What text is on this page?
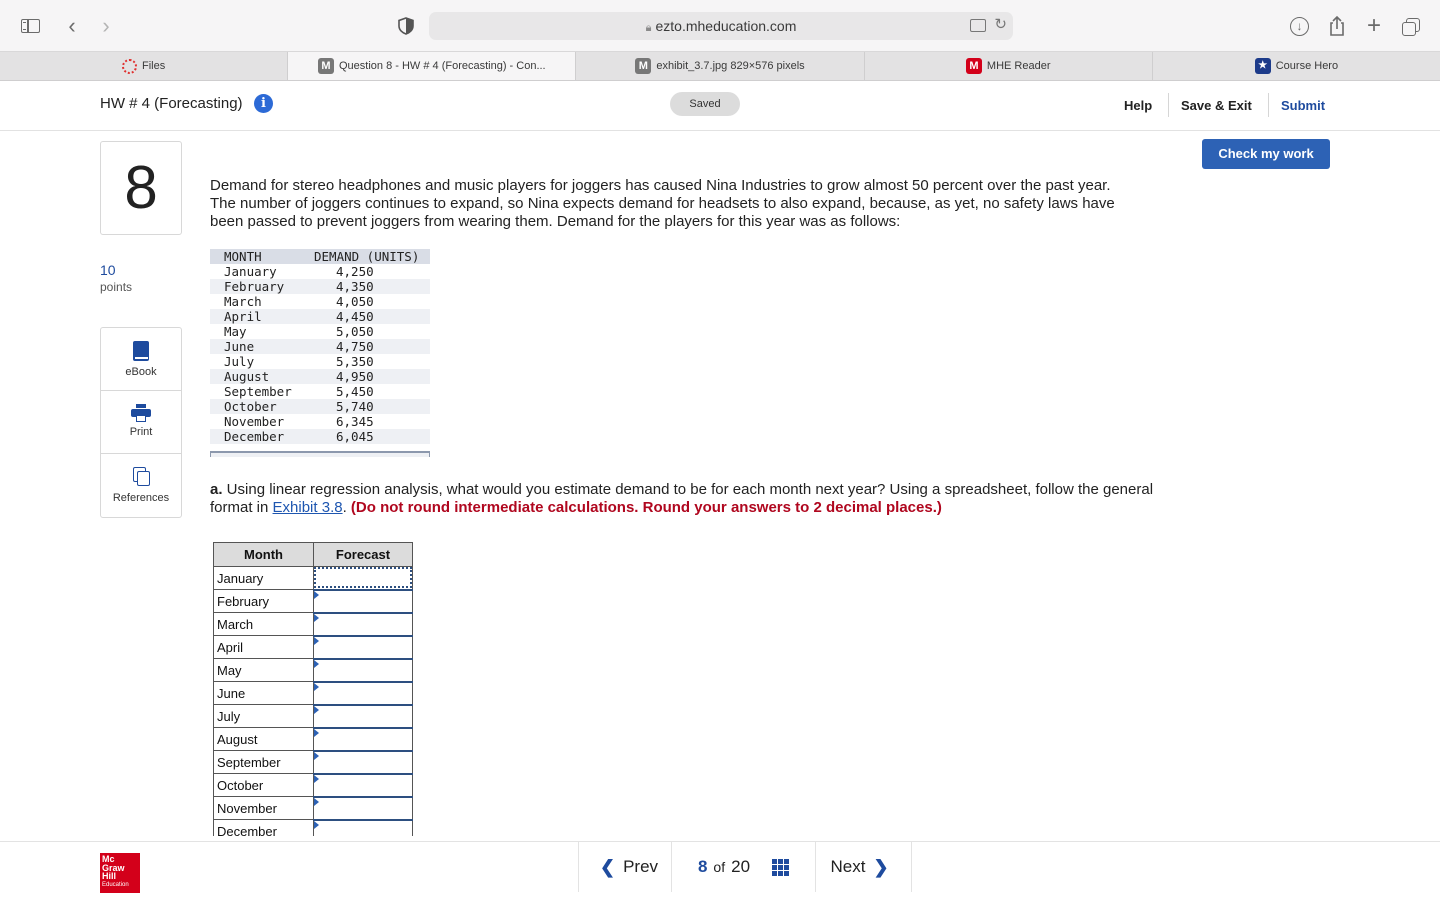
‹	›	🔒︎ ezto.mheducation.com	↻	↓	+
Files	M Question 8 - HW # 4 (Forecasting) - Con...	M exhibit_3.7.jpg 829×576 pixels	M MHE Reader	★ Course Hero
HW # 4 (Forecasting)	i	Saved	Help Save & Exit Submit
8
10
points
eBook
Print
References
Check my work
Demand for stereo headphones and music players for joggers has caused Nina Industries to grow almost 50 percent over the past year. The number of joggers continues to expand, so Nina expects demand for headsets to also expand, because, as yet, no safety laws have been passed to prevent joggers from wearing them. Demand for the players for this year was as follows:
MONTH	DEMAND (UNITS)
January	4,250
February	4,350
March	4,050
April	4,450
May	5,050
June	4,750
July	5,350
August	4,950
September	5,450
October	5,740
November	6,345
December	6,045
a. Using linear regression analysis, what would you estimate demand to be for each month next year? Using a spreadsheet, follow the general format in Exhibit 3.8. (Do not round intermediate calculations. Round your answers to 2 decimal places.)
Month	Forecast
January	

February	

March	

April	

May	

June	

July	

August	

September	

October	

November	

December	
Mc
Graw
Hill
Education
❮ Prev 8 of 20	Next ❯
